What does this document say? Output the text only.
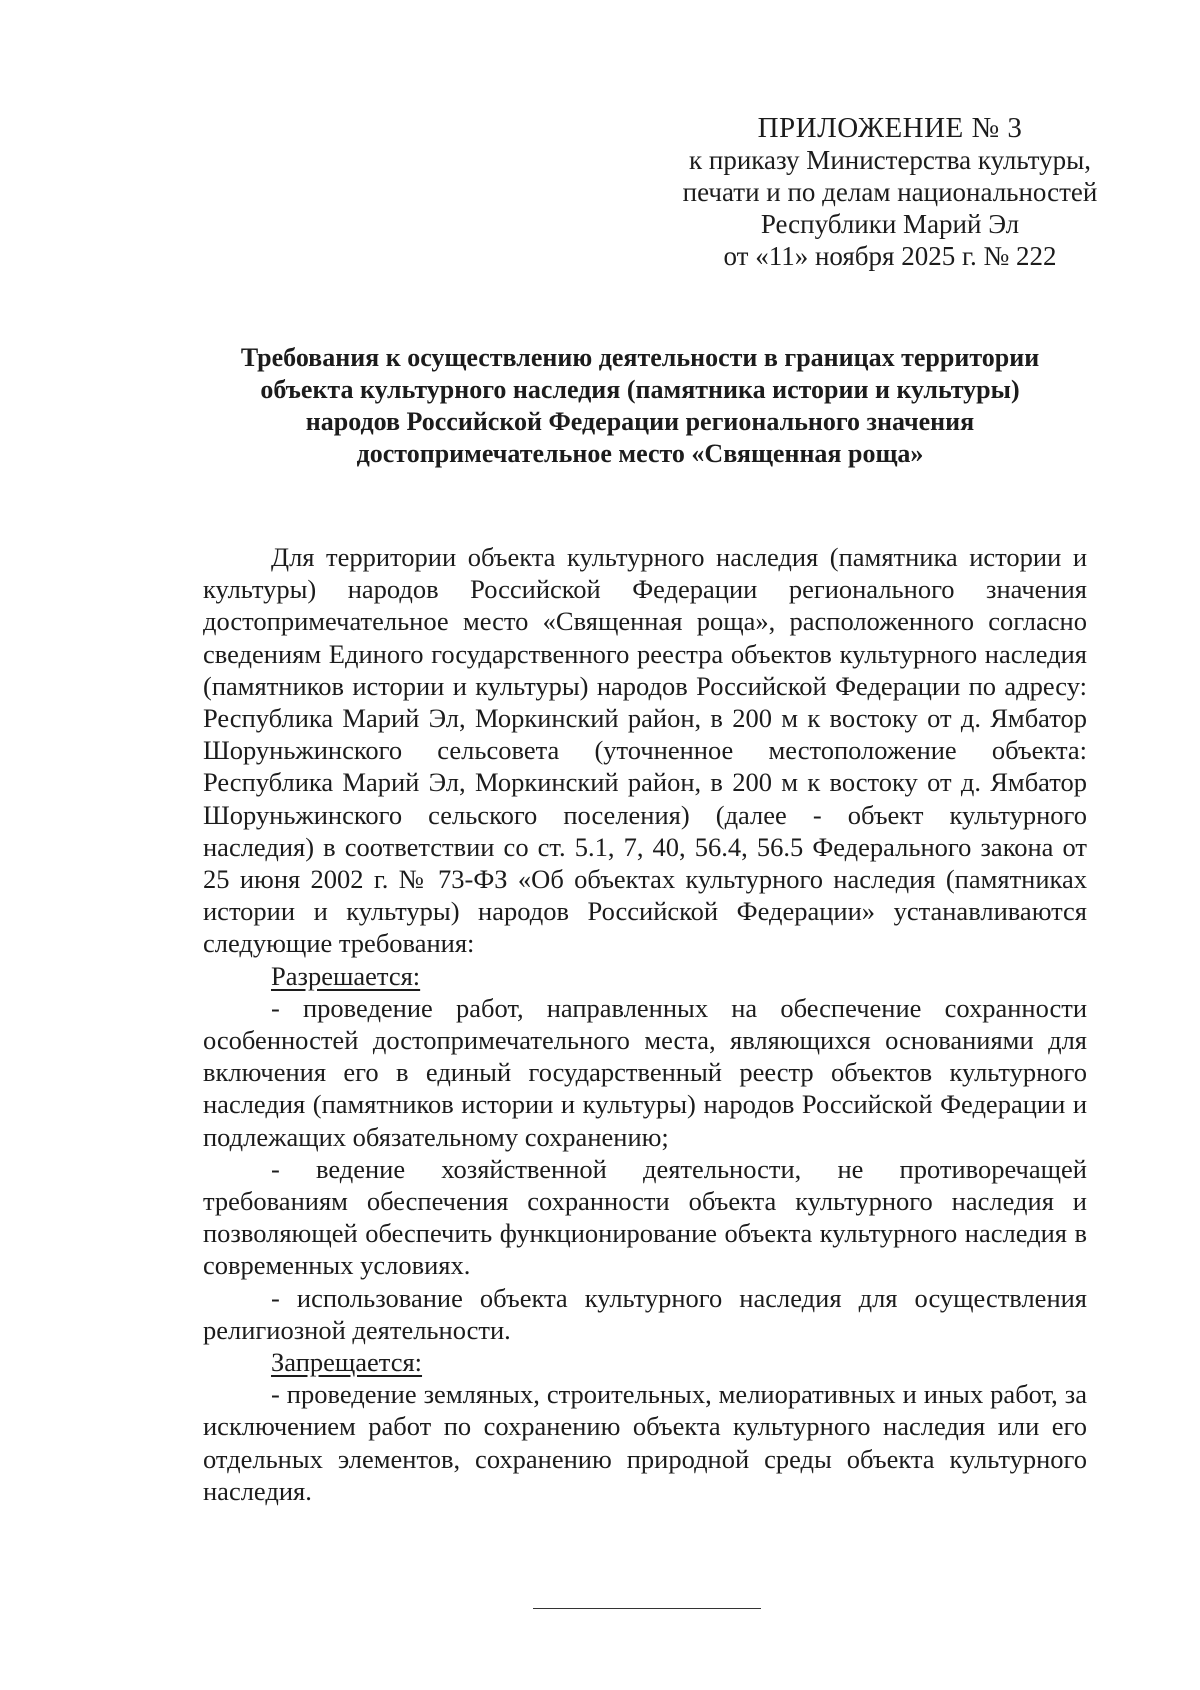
ПРИЛОЖЕНИЕ № 3
к приказу Министерства культуры,
печати и по делам национальностей
Республики Марий Эл
от «11» ноября 2025 г. № 222
Требования к осуществлению деятельности в границах территории
объекта культурного наследия (памятника истории и культуры)
народов Российской Федерации регионального значения
достопримечательное место «Священная роща»

Для территории объекта культурного наследия (памятника истории и культуры) народов Российской Федерации регионального значения достопримечательное место «Священная роща», расположенного согласно сведениям Единого государственного реестра объектов культурного наследия (памятников истории и культуры) народов Российской Федерации по адресу: Республика Марий Эл, Моркинский район, в 200 м к востоку от д. Ямбатор Шоруньжинского сельсовета (уточненное местоположение объекта: Республика Марий Эл, Моркинский район, в 200 м к востоку от д. Ямбатор Шоруньжинского сельского поселения) (далее - объект культурного наследия) в соответствии со ст. 5.1, 7, 40, 56.4, 56.5 Федерального закона от 25 июня 2002 г. № 73-ФЗ «Об объектах культурного наследия (памятниках истории и культуры) народов Российской Федерации» устанавливаются следующие требования:

Разрешается:

- проведение работ, направленных на обеспечение сохранности особенностей достопримечательного места, являющихся основаниями для включения его в единый государственный реестр объектов культурного наследия (памятников истории и культуры) народов Российской Федерации и подлежащих обязательному сохранению;

- ведение хозяйственной деятельности, не противоречащей требованиям обеспечения сохранности объекта культурного наследия и позволяющей обеспечить функционирование объекта культурного наследия в современных условиях.

- использование объекта культурного наследия для осуществления религиозной деятельности.

Запрещается:

- проведение земляных, строительных, мелиоративных и иных работ, за исключением работ по сохранению объекта культурного наследия или его отдельных элементов, сохранению природной среды объекта культурного наследия.
